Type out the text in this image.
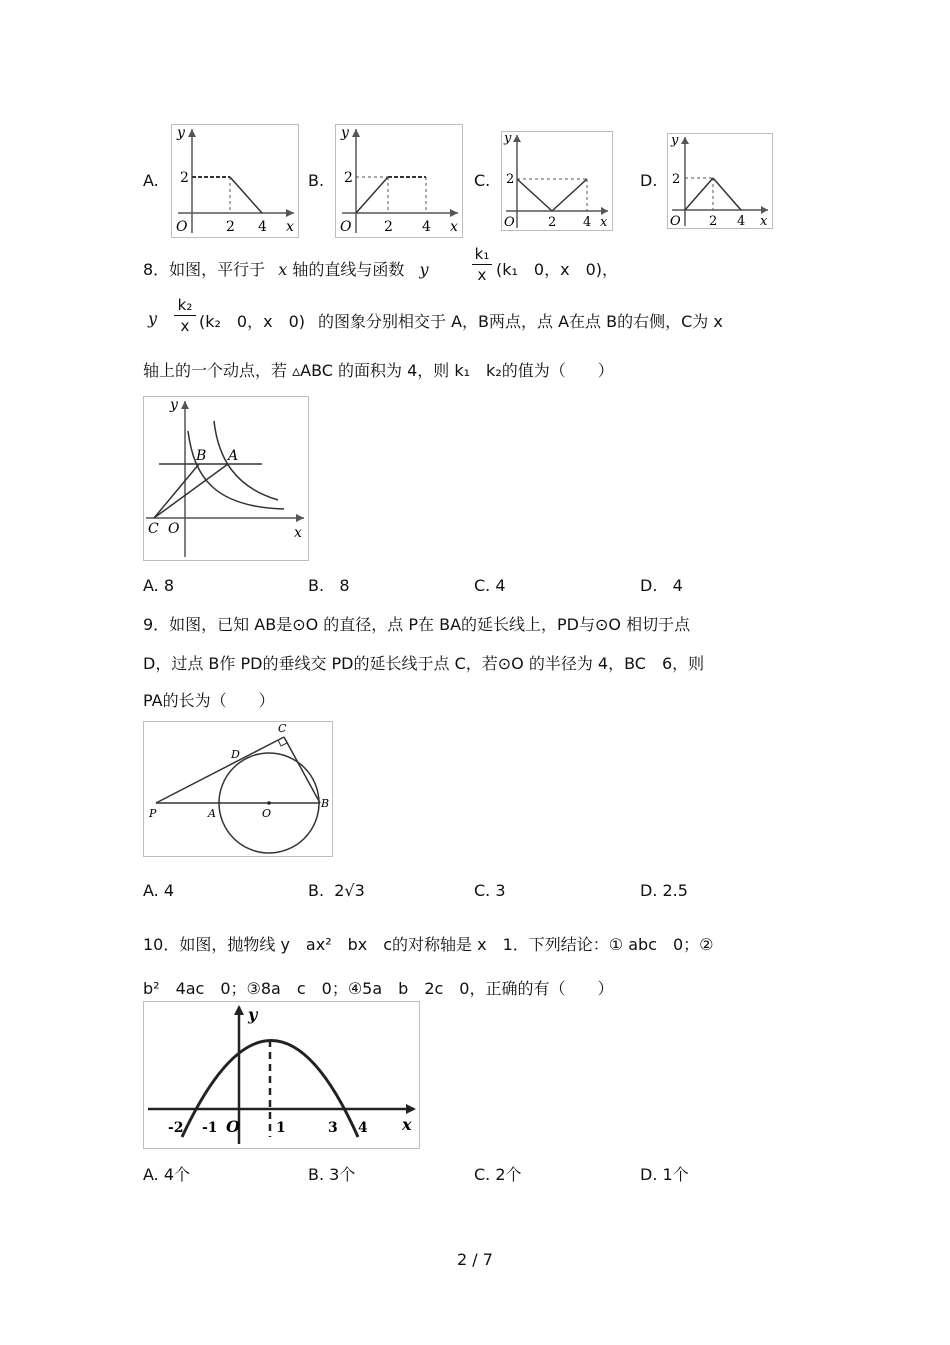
A.
y
2
O	2 4 x
B.
y
2
O 2 4 x
C.
y
2
O	2 4 x
D.
y
2
O 2 4 x
8．如图，平行于 x 轴的直线与函数 y
k₁
x (k₁　0，x　0)，
y
k₂
x (k₂　0，x　0) 的图象分别相交于 A，B两点，点 A在点 B的右侧，C为 x
轴上的一个动点，若 ▵ABC 的面积为 4，则 k₁　k₂的值为（　　）
y
B A
C O	x
A. 8	B. 8	C. 4	D. 4
9．如图，已知 AB是⊙O 的直径，点 P在 BA的延长线上，PD与⊙O 相切于点
D，过点 B作 PD的垂线交 PD的延长线于点 C，若⊙O 的半径为 4，BC　6，则
PA的长为（　　）
C
D
P	A	O
B
A. 4	B. 2√3	C. 3	D. 2.5
10．如图，抛物线 y　ax²　bx　c的对称轴是 x　1．下列结论：① abc　0；②
b²　4ac　0；③8a　c　0；④5a　b　2c　0，正确的有（　　）
y
x
-2 -1 O	1	3 4
A. 4个	B. 3个	C. 2个	D. 1个
2 / 7
